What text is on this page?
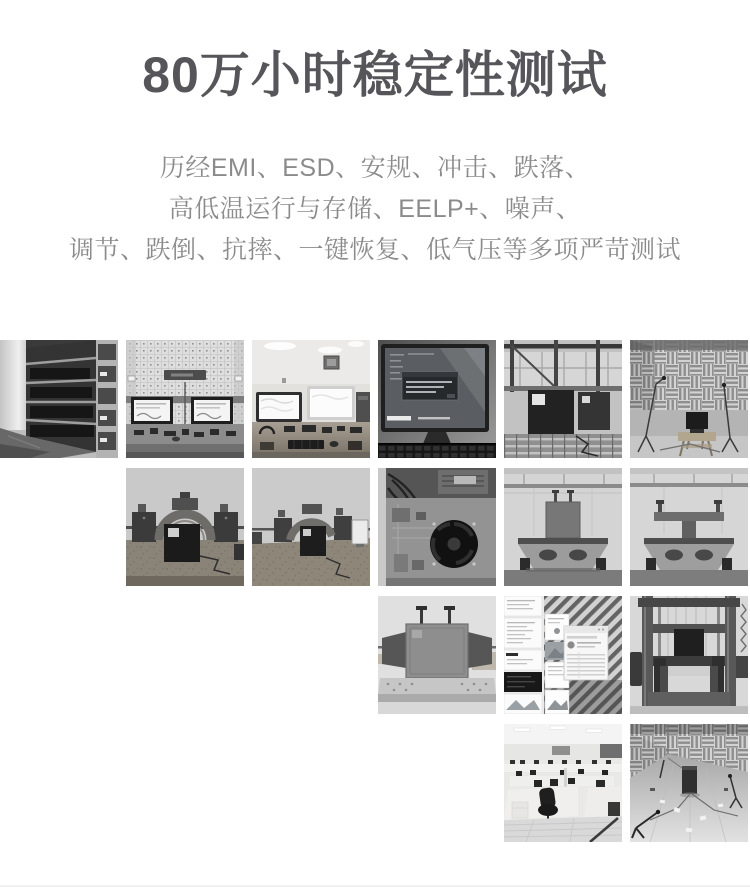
80万小时稳定性测试
历经EMI、ESD、安规、冲击、跌落、
高低温运行与存储、EELP+、噪声、
调节、跌倒、抗摔、一键恢复、低气压等多项严苛测试
